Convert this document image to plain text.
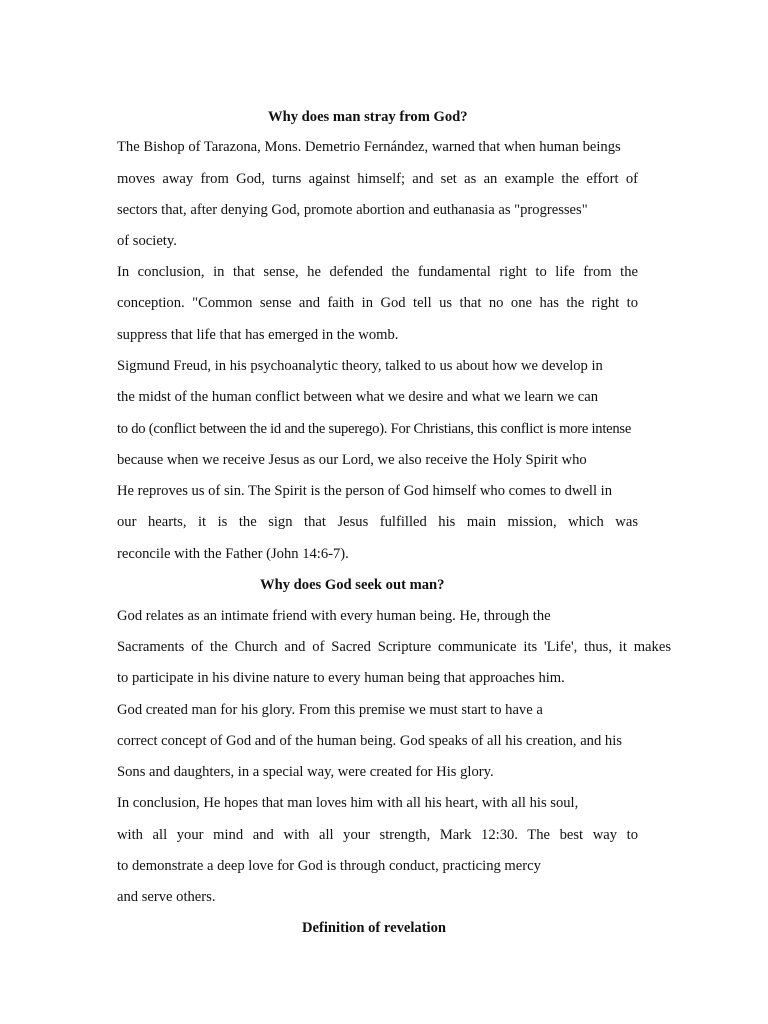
Why does man stray from God?
The Bishop of Tarazona, Mons. Demetrio Fernández, warned that when human beings
moves away from God, turns against himself; and set as an example the effort of
sectors that, after denying God, promote abortion and euthanasia as "progresses"
of society.
In conclusion, in that sense, he defended the fundamental right to life from the
conception. "Common sense and faith in God tell us that no one has the right to
suppress that life that has emerged in the womb.
Sigmund Freud, in his psychoanalytic theory, talked to us about how we develop in
the midst of the human conflict between what we desire and what we learn we can
to do (conflict between the id and the superego). For Christians, this conflict is more intense
because when we receive Jesus as our Lord, we also receive the Holy Spirit who
He reproves us of sin. The Spirit is the person of God himself who comes to dwell in
our hearts, it is the sign that Jesus fulfilled his main mission, which was
reconcile with the Father (John 14:6-7).
Why does God seek out man?
God relates as an intimate friend with every human being. He, through the
Sacraments of the Church and of Sacred Scripture communicate its 'Life', thus, it makes
to participate in his divine nature to every human being that approaches him.
God created man for his glory. From this premise we must start to have a
correct concept of God and of the human being. God speaks of all his creation, and his
Sons and daughters, in a special way, were created for His glory.
In conclusion, He hopes that man loves him with all his heart, with all his soul,
with all your mind and with all your strength, Mark 12:30. The best way to
to demonstrate a deep love for God is through conduct, practicing mercy
and serve others.
Definition of revelation
